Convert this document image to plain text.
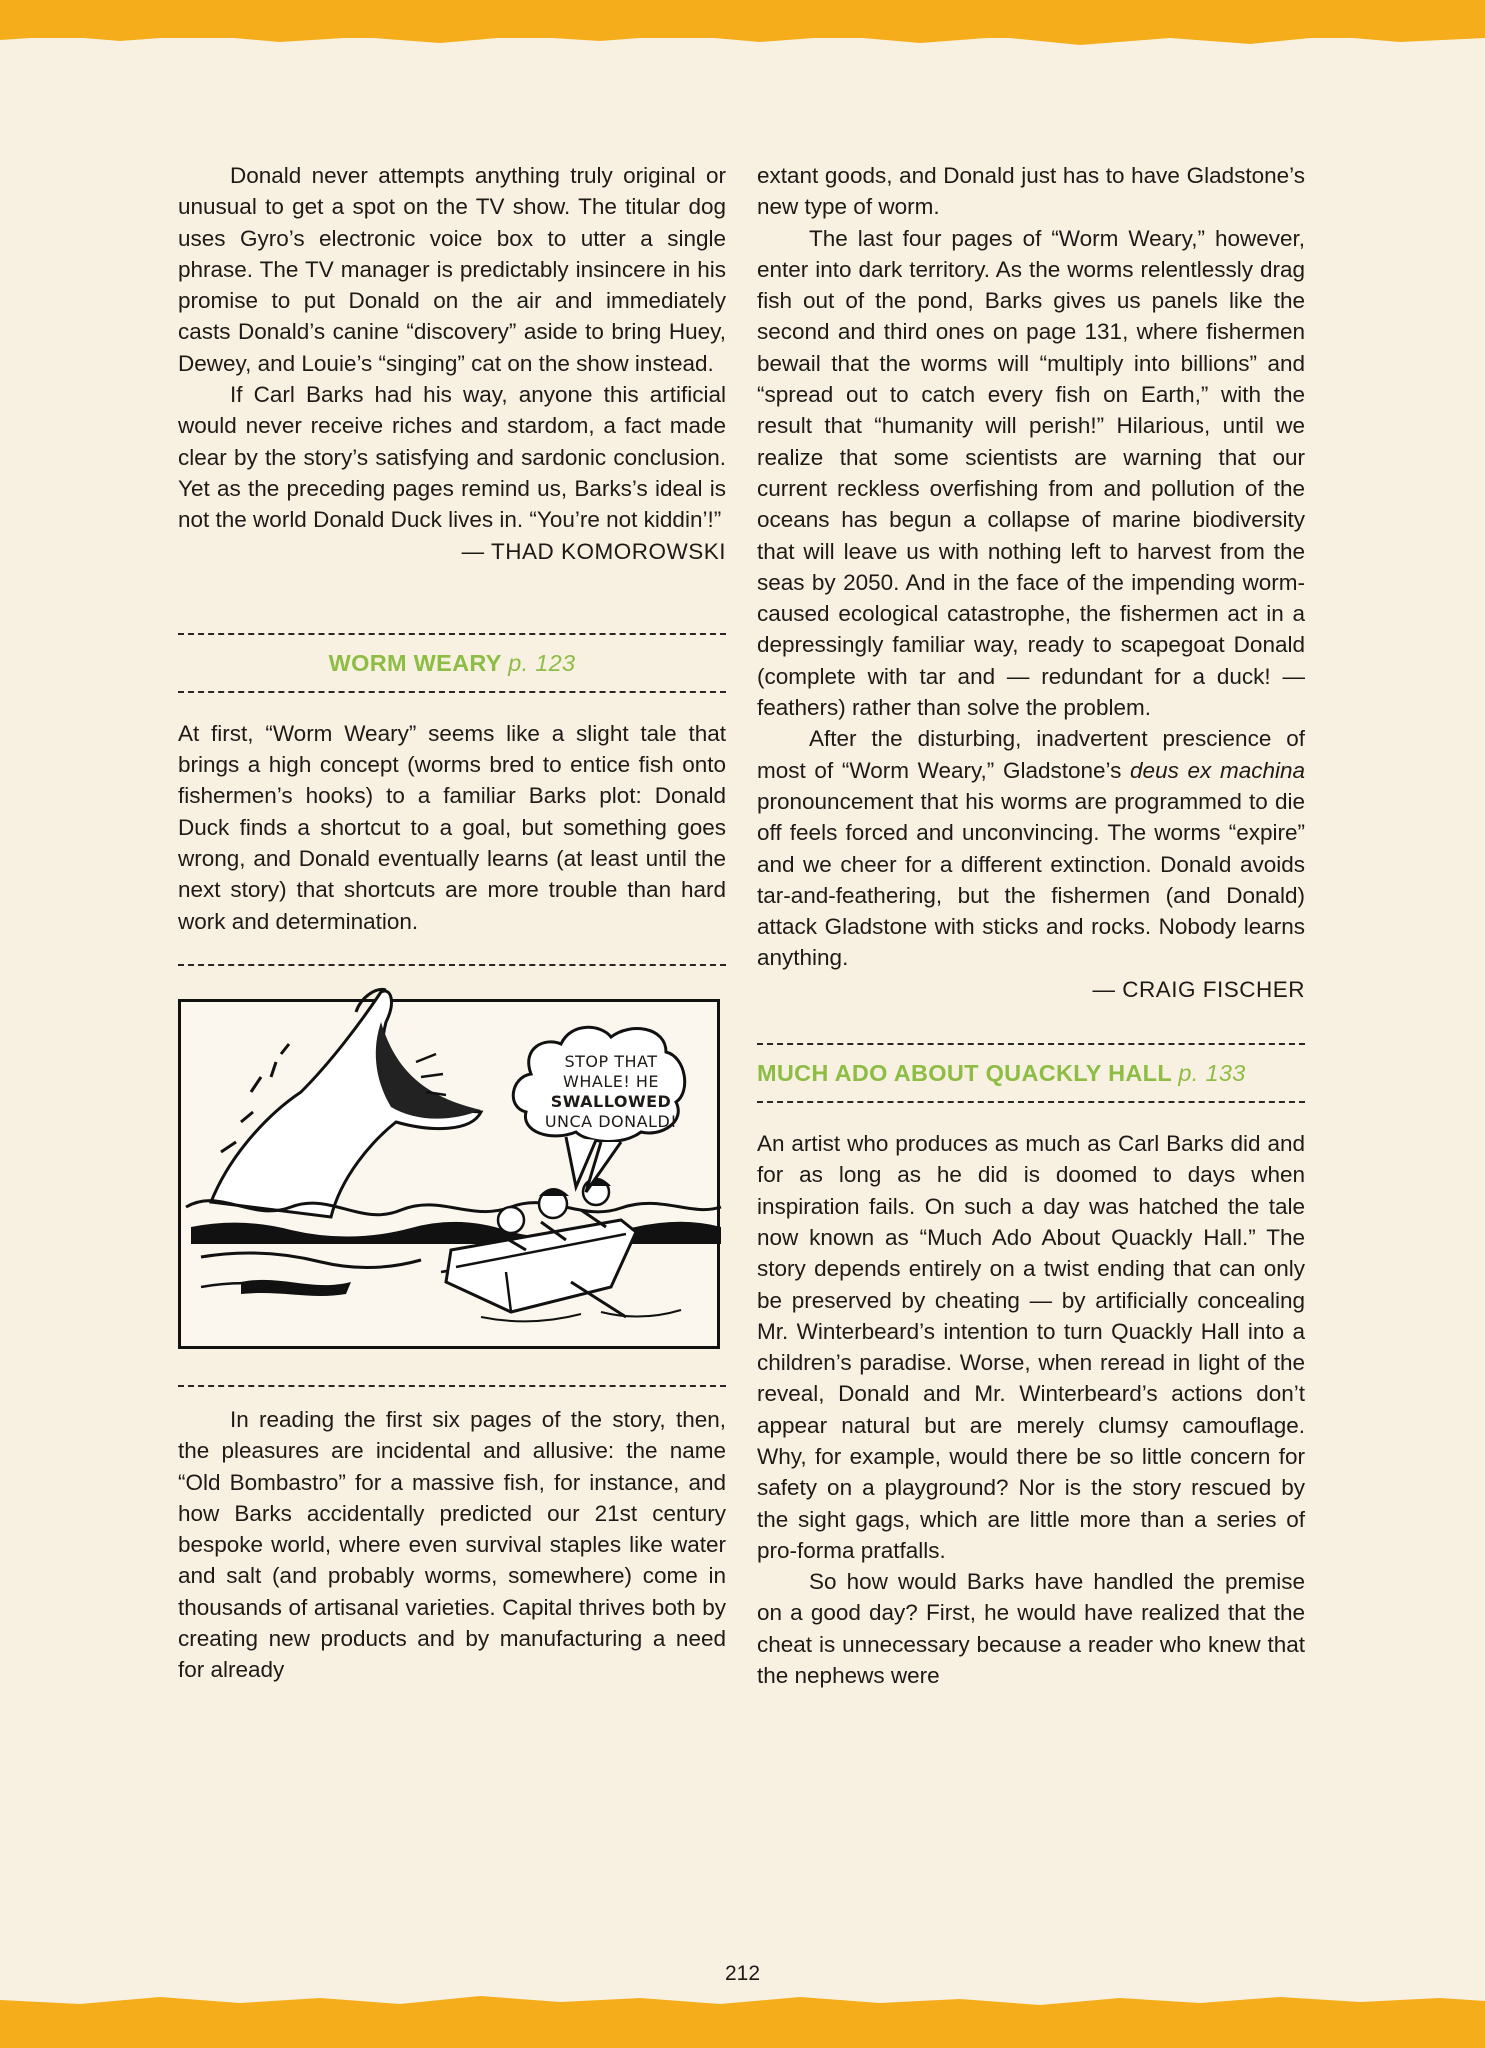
Donald never attempts anything truly original or unusual to get a spot on the TV show. The titular dog uses Gyro’s electronic voice box to utter a single phrase. The TV manager is predictably insincere in his promise to put Donald on the air and immediately casts Donald’s canine “discovery” aside to bring Huey, Dewey, and Louie’s “singing” cat on the show instead.

If Carl Barks had his way, anyone this artificial would never receive riches and stardom, a fact made clear by the story’s satisfying and sardonic conclusion. Yet as the preceding pages remind us, Barks’s ideal is not the world Donald Duck lives in. “You’re not kiddin’!”

— THAD KOMOROWSKI

WORM WEARY p. 123

At first, “Worm Weary” seems like a slight tale that brings a high concept (worms bred to entice fish onto fishermen’s hooks) to a familiar Barks plot: Donald Duck finds a shortcut to a goal, but something goes wrong, and Donald eventually learns (at least until the next story) that shortcuts are more trouble than hard work and determination.

STOP THAT
WHALE! HE
SWALLOWED
UNCA DONALD!

In reading the first six pages of the story, then, the pleasures are incidental and allusive: the name “Old Bombastro” for a massive fish, for instance, and how Barks accidentally predicted our 21st century bespoke world, where even survival staples like water and salt (and probably worms, somewhere) come in thousands of artisanal varieties. Capital thrives both by creating new products and by manufacturing a need for already

extant goods, and Donald just has to have Gladstone’s new type of worm.

The last four pages of “Worm Weary,” however, enter into dark territory. As the worms relentlessly drag fish out of the pond, Barks gives us panels like the second and third ones on page 131, where fishermen bewail that the worms will “multiply into billions” and “spread out to catch every fish on Earth,” with the result that “humanity will perish!” Hilarious, until we realize that some scientists are warning that our current reckless overfishing from and pollution of the oceans has begun a collapse of marine biodiversity that will leave us with nothing left to harvest from the seas by 2050. And in the face of the impending worm-caused ecological catastrophe, the fishermen act in a depressingly familiar way, ready to scapegoat Donald (complete with tar and — redundant for a duck! — feathers) rather than solve the problem.

After the disturbing, inadvertent prescience of most of “Worm Weary,” Gladstone’s deus ex machina pronouncement that his worms are programmed to die off feels forced and unconvincing. The worms “expire” and we cheer for a different extinction. Donald avoids tar-and-feathering, but the fishermen (and Donald) attack Gladstone with sticks and rocks. Nobody learns anything.

— CRAIG FISCHER

MUCH ADO ABOUT QUACKLY HALL p. 133

An artist who produces as much as Carl Barks did and for as long as he did is doomed to days when inspiration fails. On such a day was hatched the tale now known as “Much Ado About Quackly Hall.” The story depends entirely on a twist ending that can only be preserved by cheating — by artificially concealing Mr. Winterbeard’s intention to turn Quackly Hall into a children’s paradise. Worse, when reread in light of the reveal, Donald and Mr. Winterbeard’s actions don’t appear natural but are merely clumsy camouflage. Why, for example, would there be so little concern for safety on a playground? Nor is the story rescued by the sight gags, which are little more than a series of pro-forma pratfalls.

So how would Barks have handled the premise on a good day? First, he would have realized that the cheat is unnecessary because a reader who knew that the nephews were

212
